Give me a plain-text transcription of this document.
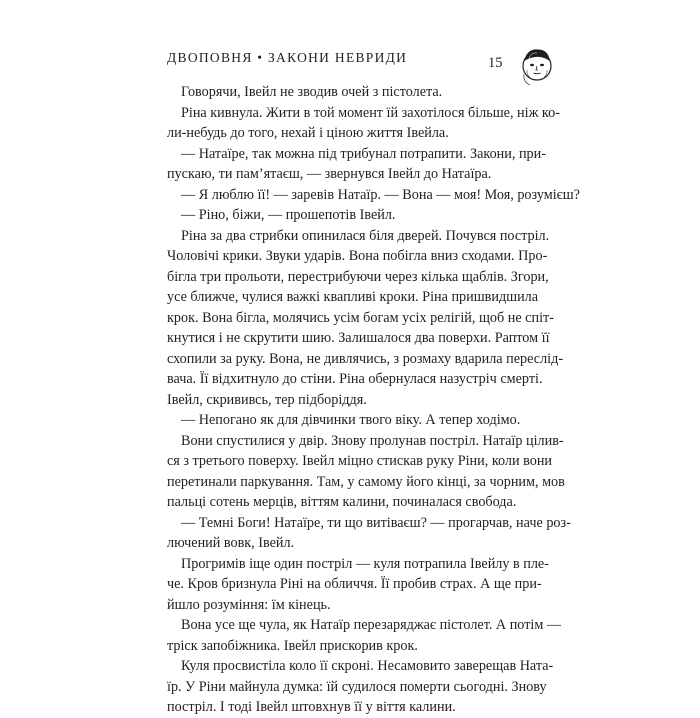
ДВОПОВНЯ • ЗАКОНИ НЕВРИДИ	15

Говорячи, Івейл не зводив очей з пістолета.

Ріна кивнула. Жити в той момент їй захотілося більше, ніж ко-
ли-небудь до того, нехай і ціною життя Івейла.

— Натаїре, так можна під трибунал потрапити. Закони, при-
пускаю, ти пам’ятаєш, — звернувся Івейл до Натаїра.

— Я люблю її! — заревів Натаїр. — Вона — моя! Моя, розумієш?

— Ріно, біжи, — прошепотів Івейл.

Ріна за два стрибки опинилася біля дверей. Почувся постріл.
Чоловічі крики. Звуки ударів. Вона побігла вниз сходами. Про-
бігла три прольоти, перестрибуючи через кілька щаблів. Згори,
усе ближче, чулися важкі квапливі кроки. Ріна пришвидшила
крок. Вона бігла, молячись усім богам усіх релігій, щоб не спіт-
кнутися і не скрутити шию. Залишалося два поверхи. Раптом її
схопили за руку. Вона, не дивлячись, з розмаху вдарила переслід-
вача. Її відхитнуло до стіни. Ріна обернулася назустріч смерті.
Івейл, скрививсь, тер підборіддя.

— Непогано як для дівчинки твого віку. А тепер ходімо.

Вони спустилися у двір. Знову пролунав постріл. Натаїр цілив-
ся з третього поверху. Івейл міцно стискав руку Ріни, коли вони
перетинали паркування. Там, у самому його кінці, за чорним, мов
пальці сотень мерців, віттям калини, починалася свобода.

— Темні Боги! Натаїре, ти що витіваєш? — прогарчав, наче роз-
лючений вовк, Івейл.

Прогримів іще один постріл — куля потрапила Івейлу в пле-
че. Кров бризнула Ріні на обличчя. Її пробив страх. А ще при-
йшло розуміння: їм кінець.

Вона усе ще чула, як Натаїр перезаряджає пістолет. А потім —
тріск запобіжника. Івейл прискорив крок.

Куля просвистіла коло її скроні. Несамовито заверещав Ната-
їр. У Ріни майнула думка: їй судилося померти сьогодні. Знову
постріл. І тоді Івейл штовхнув її у віття калини.
